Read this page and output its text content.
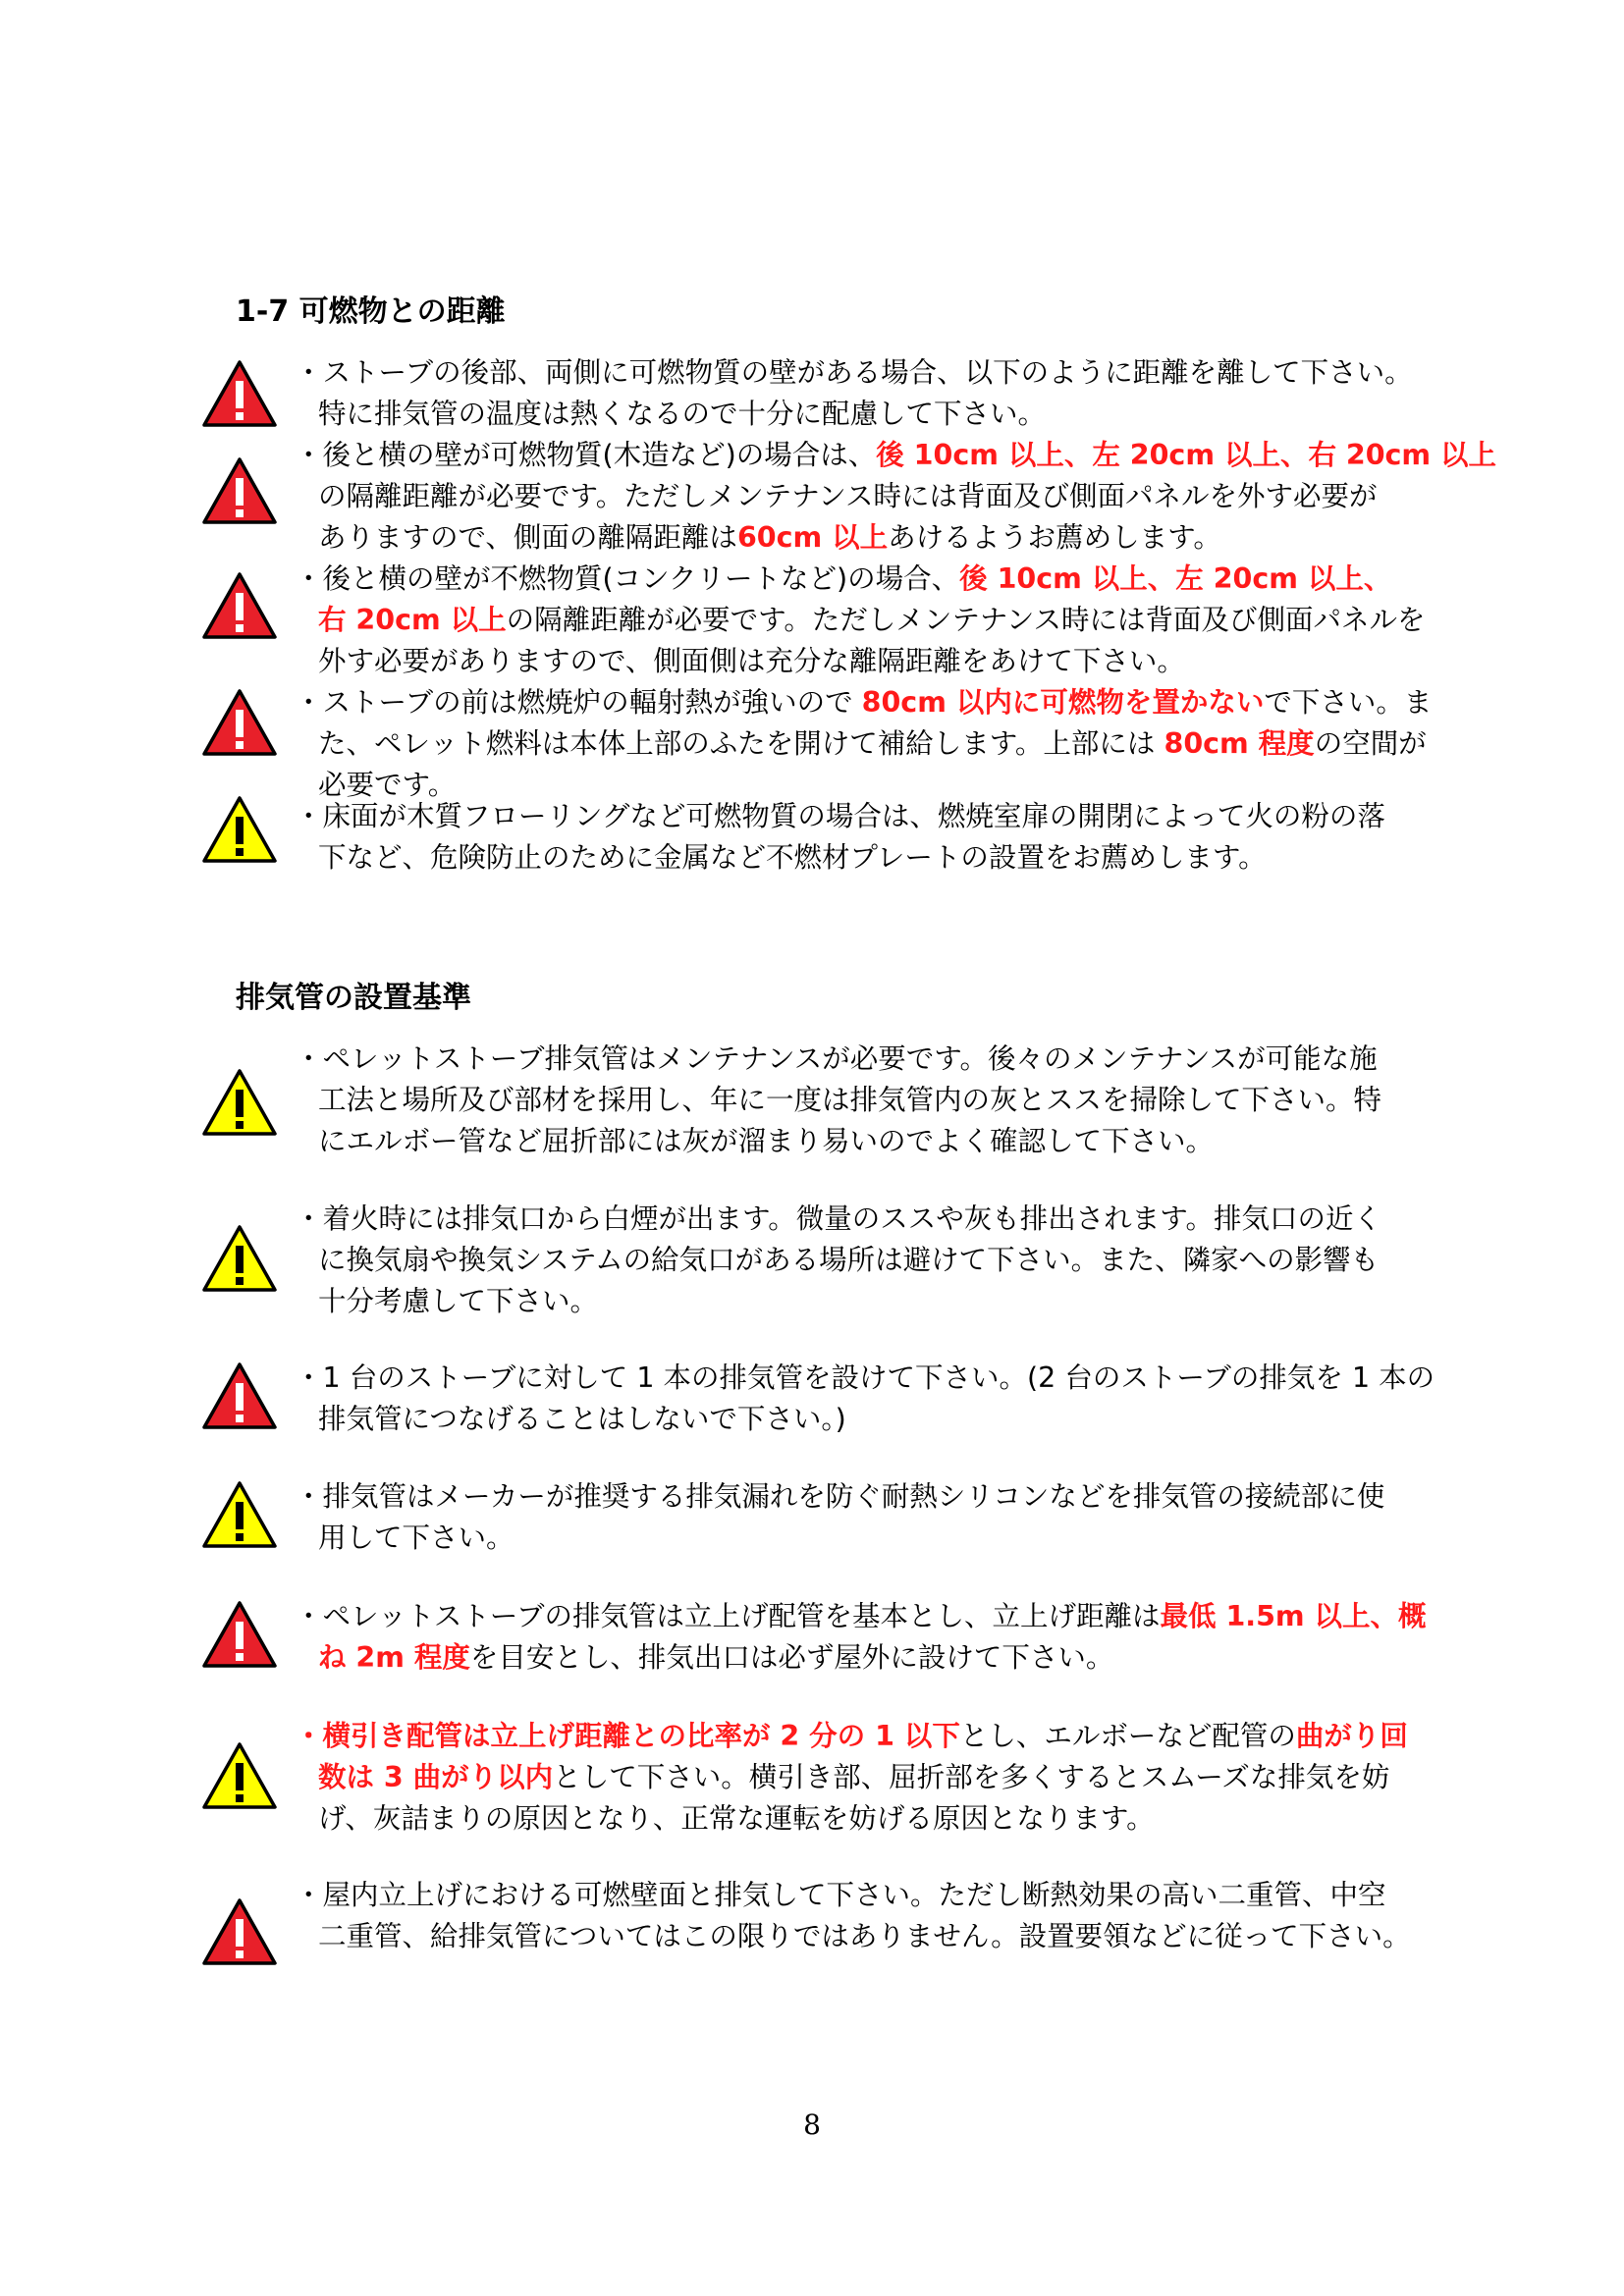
1-7 可燃物との距離
・ストーブの後部、両側に可燃物質の壁がある場合、以下のように距離を離して下さい。
特に排気管の温度は熱くなるので十分に配慮して下さい。
・後と横の壁が可燃物質(木造など)の場合は、後 10cm 以上、左 20cm 以上、右 20cm 以上
の隔離距離が必要です。ただしメンテナンス時には背面及び側面パネルを外す必要が
ありますので、側面の離隔距離は60cm 以上あけるようお薦めします。
・後と横の壁が不燃物質(コンクリートなど)の場合、後 10cm 以上、左 20cm 以上、
右 20cm 以上の隔離距離が必要です。ただしメンテナンス時には背面及び側面パネルを
外す必要がありますので、側面側は充分な離隔距離をあけて下さい。
・ストーブの前は燃焼炉の輻射熱が強いので 80cm 以内に可燃物を置かないで下さい。ま
た、ペレット燃料は本体上部のふたを開けて補給します。上部には 80cm 程度の空間が
必要です。
・床面が木質フローリングなど可燃物質の場合は、燃焼室扉の開閉によって火の粉の落
下など、危険防止のために金属など不燃材プレートの設置をお薦めします。
排気管の設置基準
・ペレットストーブ排気管はメンテナンスが必要です。後々のメンテナンスが可能な施
工法と場所及び部材を採用し、年に一度は排気管内の灰とススを掃除して下さい。特
にエルボー管など屈折部には灰が溜まり易いのでよく確認して下さい。
・着火時には排気口から白煙が出ます。微量のススや灰も排出されます。排気口の近く
に換気扇や換気システムの給気口がある場所は避けて下さい。また、隣家への影響も
十分考慮して下さい。
・1 台のストーブに対して 1 本の排気管を設けて下さい。(2 台のストーブの排気を 1 本の
排気管につなげることはしないで下さい。)
・排気管はメーカーが推奨する排気漏れを防ぐ耐熱シリコンなどを排気管の接続部に使
用して下さい。
・ペレットストーブの排気管は立上げ配管を基本とし、立上げ距離は最低 1.5m 以上、概
ね 2m 程度を目安とし、排気出口は必ず屋外に設けて下さい。
・横引き配管は立上げ距離との比率が 2 分の 1 以下とし、エルボーなど配管の曲がり回
数は 3 曲がり以内として下さい。横引き部、屈折部を多くするとスムーズな排気を妨
げ、灰詰まりの原因となり、正常な運転を妨げる原因となります。
・屋内立上げにおける可燃壁面と排気して下さい。ただし断熱効果の高い二重管、中空
二重管、給排気管についてはこの限りではありません。設置要領などに従って下さい。
8
